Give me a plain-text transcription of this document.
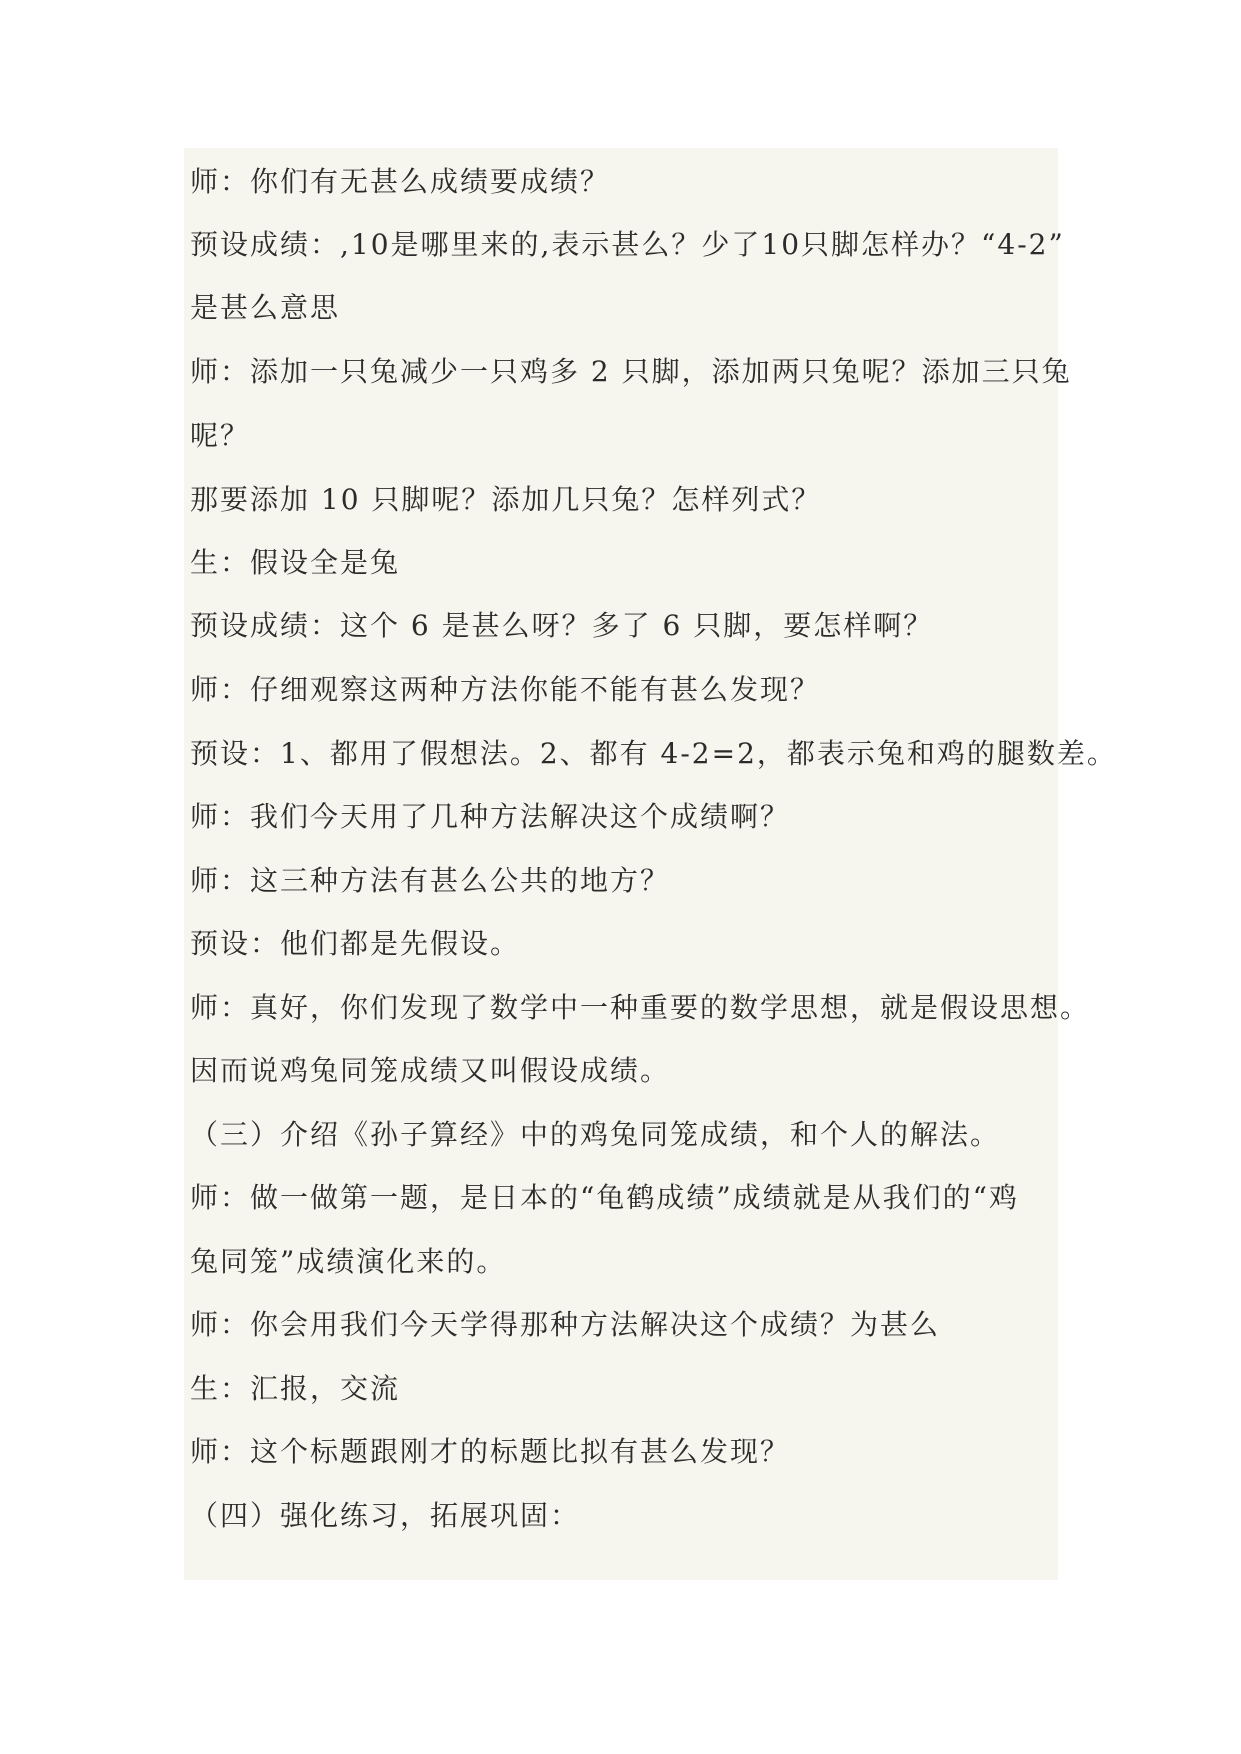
师：你们有无甚么成绩要成绩？
预设成绩：,10是哪里来的,表示甚么？少了10只脚怎样办？“4-2”
是甚么意思
师：添加一只兔减少一只鸡多 2 只脚，添加两只兔呢？添加三只兔
呢？
那要添加 10 只脚呢？添加几只兔？怎样列式？
生：假设全是兔
预设成绩：这个 6 是甚么呀？多了 6 只脚，要怎样啊？
师：仔细观察这两种方法你能不能有甚么发现？
预设：1、都用了假想法。2、都有 4-2=2，都表示兔和鸡的腿数差。
师：我们今天用了几种方法解决这个成绩啊？
师：这三种方法有甚么公共的地方？
预设：他们都是先假设。
师：真好，你们发现了数学中一种重要的数学思想，就是假设思想。
因而说鸡兔同笼成绩又叫假设成绩。
（三）介绍《孙子算经》中的鸡兔同笼成绩，和个人的解法。
师：做一做第一题，是日本的“龟鹤成绩”成绩就是从我们的“鸡
兔同笼”成绩演化来的。
师：你会用我们今天学得那种方法解决这个成绩？为甚么
生：汇报，交流
师：这个标题跟刚才的标题比拟有甚么发现？
（四）强化练习，拓展巩固：
